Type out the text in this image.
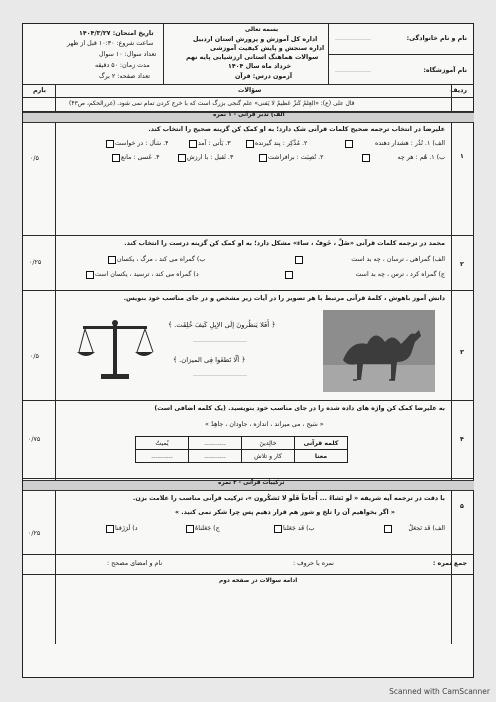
بسمه تعالی
اداره کل آموزش و پرورش استان اردبیل
اداره سنجش و پایش کیفیت آموزشی
سوالات هماهنگ استانی ارزشیابی پایه نهم
خرداد ماه سال ۱۴۰۴
آزمون درس: قرآن
نام و نام خانوادگی:
..................
نام آموزشگاه:
..................
تاریخ امتحان: ۱۴۰۴/۳/۲۷
ساعت شروع: ۱۰:۳۰ قبل از ظهر
تعداد سوال: ۱۰ سوال
مدت زمان: ۵۰ دقیقه
تعداد صفحه: ۲ برگ
ردیف
سؤالات
بارم
قال علی (ع): «العِلمُ کَنزٌ عَظیمٌ لا یَفنی» علم گنجی بزرگ است که با خرج کردن تمام نمی شود. (غررالحکم، ص۴۳)
الف) تدبر قرآنی - ۱ نمره
۱
۰/۵
علیرضا در انتخاب ترجمه صحیح کلمات قرآنی شک دارد؛ به او کمک کن گزینه صحیح را انتخاب کند.
الف) ۱. نُذُر : هشدار دهنده
۲. مُدَّکِر : پند گیرنده
۳. یَأتی : آمد
۴. سَأل : در خواست
ب) ۱. هُم : هر چه
۲. نُصِبَت : برافراشت
۳. ثَقیل : با ارزش
۴. عَسی : مانع
۲
۰/۲۵
محمد در ترجمه کلمات قرآنی «ضَلَّ ، خَوفٌ ، ساءَ» مشکل دارد؛ به او کمک کن گزینه درست را انتخاب کند.
الف) گمراهی ، ترسان ، چه بد است
ب) گمراه می کند ، مرگ ، یکسان
ج) گمراه کرد ، ترس ، چه بد است
د) گمراه می کند ، ترسید ، یکسان است
۳
۰/۵
دانش آموز باهوش ، کلمهٔ قرآنی مرتبط با هر تصویر را در آیات زیر مشخص و در جای مناسب خود بنویس.
﴿ أَفَلا یَنظُرونَ إلَی الإبِلِ کَیفَ خُلِقَت. ﴾
...........................
﴿ ألّا تَطغَوا فِی المیزان. ﴾
...........................
۴
۰/۷۵
به علیرضا کمک کن واژه های داده شده را در جای مناسب خود بنویسید. (یک کلمه اضافی است)
« سَیح ، می میراند ، اندازه ، جاودان ، جاهِدُ »
یُمیتُ	...........	خالِدینَ	کلمه قرآنی
...........	...........	کار و تلاش	معنا
ترکیبات قرآنی - ۳ نمره
۵
۰/۲۵
با دقت در ترجمه آیه شریفه « لَو نَشاءُ ... أُجاجاً فَلَو لا تَشکُرون »، ترکیب قرآنی مناسب را علامت بزن.
« اگر بخواهیم آن را تلخ و شور هم قرار دهیم پس چرا شکر نمی کنید. »
الف) قَد نَجعَلُ
ب) قَد جَعَلنا
ج) جَعَلناهُ
د) لَرَزَقنا
جمع نمره :
نمره با حروف :
نام و امضای مصحح :
ادامه سوالات در صفحه دوم
Scanned with CamScanner
